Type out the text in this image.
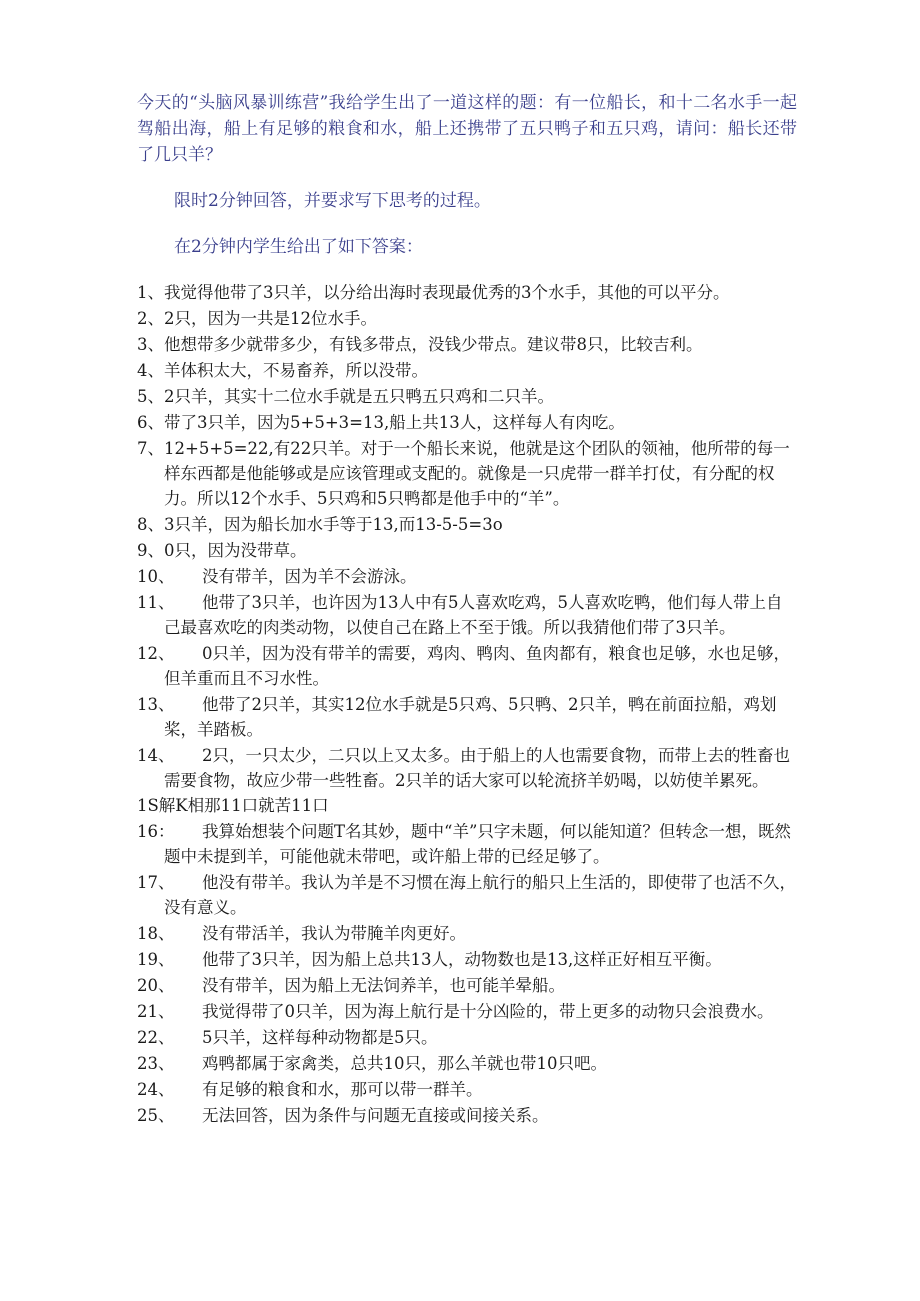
今天的“头脑风暴训练营”我给学生出了一道这样的题：有一位船长，和十二名水手一起驾船出海，船上有足够的粮食和水，船上还携带了五只鸭子和五只鸡，请问：船长还带了几只羊？

限时2分钟回答，并要求写下思考的过程。

在2分钟内学生给出了如下答案：

1、我觉得他带了3只羊，以分给出海时表现最优秀的3个水手，其他的可以平分。
2、2只，因为一共是12位水手。
3、他想带多少就带多少，有钱多带点，没钱少带点。建议带8只，比较吉利。
4、羊体积太大，不易畜养，所以没带。
5、2只羊，其实十二位水手就是五只鸭五只鸡和二只羊。
6、带了3只羊，因为5+5+3=13,船上共13人，这样每人有肉吃。
7、12+5+5=22,有22只羊。对于一个船长来说，他就是这个团队的领袖，他所带的每一样东西都是他能够或是应该管理或支配的。就像是一只虎带一群羊打仗，有分配的权力。所以12个水手、5只鸡和5只鸭都是他手中的“羊”。
8、3只羊，因为船长加水手等于13,而13-5-5=3o
9、0只，因为没带草。
10、	没有带羊，因为羊不会游泳。
11、	他带了3只羊，也许因为13人中有5人喜欢吃鸡，5人喜欢吃鸭，他们每人带上自己最喜欢吃的肉类动物，以使自己在路上不至于饿。所以我猜他们带了3只羊。
12、	0只羊，因为没有带羊的需要，鸡肉、鸭肉、鱼肉都有，粮食也足够，水也足够，但羊重而且不习水性。
13、	他带了2只羊，其实12位水手就是5只鸡、5只鸭、2只羊，鸭在前面拉船，鸡划桨，羊踏板。
14、	2只，一只太少，二只以上又太多。由于船上的人也需要食物，而带上去的牲畜也需要食物，故应少带一些牲畜。2只羊的话大家可以轮流挤羊奶喝，以妨使羊累死。
1S解K相那11口就苦11口
16：	我算始想装个问题T名其妙，题中“羊”只字未题，何以能知道？但转念一想，既然题中未提到羊，可能他就未带吧，或许船上带的已经足够了。
17、	他没有带羊。我认为羊是不习惯在海上航行的船只上生活的，即使带了也活不久，没有意义。
18、	没有带活羊，我认为带腌羊肉更好。
19、	他带了3只羊，因为船上总共13人，动物数也是13,这样正好相互平衡。
20、	没有带羊，因为船上无法饲养羊，也可能羊晕船。
21、	我觉得带了0只羊，因为海上航行是十分凶险的，带上更多的动物只会浪费水。
22、	5只羊，这样每种动物都是5只。
23、	鸡鸭都属于家禽类，总共10只，那么羊就也带10只吧。
24、	有足够的粮食和水，那可以带一群羊。
25、	无法回答，因为条件与问题无直接或间接关系。
